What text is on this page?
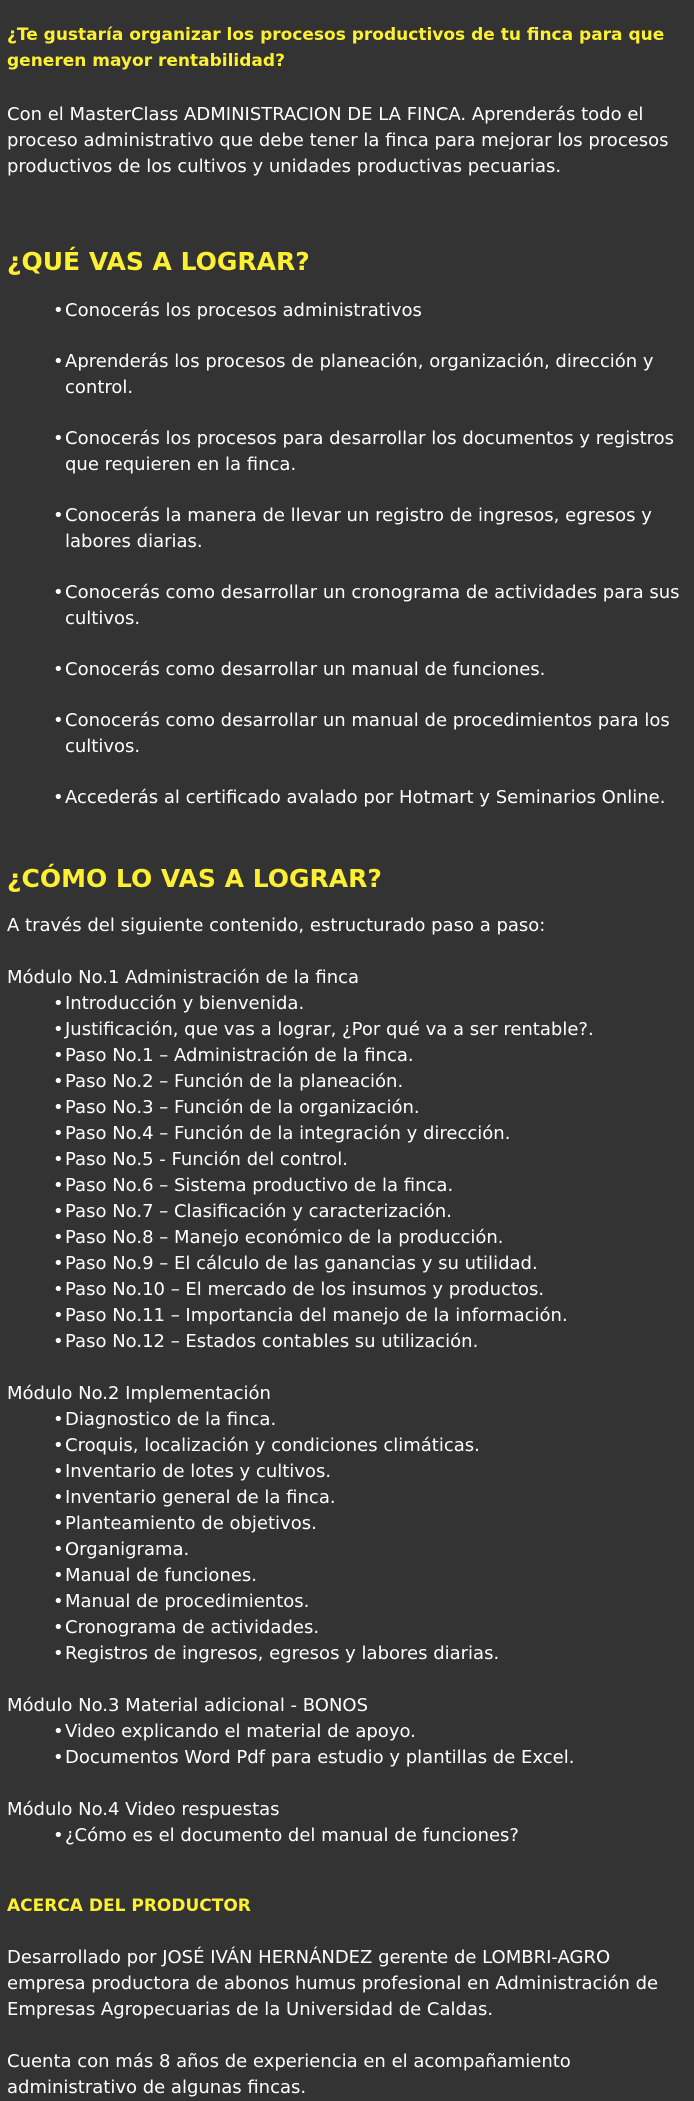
¿Te gustaría organizar los procesos productivos de tu finca para que generen mayor rentabilidad?

Con el MasterClass ADMINISTRACION DE LA FINCA. Aprenderás todo el proceso administrativo que debe tener la finca para mejorar los procesos productivos de los cultivos y unidades productivas pecuarias.

¿QUÉ VAS A LOGRAR?
• Conocerás los procesos administrativos
• Aprenderás los procesos de planeación, organización, dirección y control.
• Conocerás los procesos para desarrollar los documentos y registros que requieren en la finca.
• Conocerás la manera de llevar un registro de ingresos, egresos y labores diarias.
• Conocerás como desarrollar un cronograma de actividades para sus cultivos.
• Conocerás como desarrollar un manual de funciones.
• Conocerás como desarrollar un manual de procedimientos para los cultivos.
• Accederás al certificado avalado por Hotmart y Seminarios Online.
¿CÓMO LO VAS A LOGRAR?

A través del siguiente contenido, estructurado paso a paso:

Módulo No.1 Administración de la finca

• Introducción y bienvenida.
• Justificación, que vas a lograr, ¿Por qué va a ser rentable?.
• Paso No.1 – Administración de la finca.
• Paso No.2 – Función de la planeación.
• Paso No.3 – Función de la organización.
• Paso No.4 – Función de la integración y dirección.
• Paso No.5 - Función del control.
• Paso No.6 – Sistema productivo de la finca.
• Paso No.7 – Clasificación y caracterización.
• Paso No.8 – Manejo económico de la producción.
• Paso No.9 – El cálculo de las ganancias y su utilidad.
• Paso No.10 – El mercado de los insumos y productos.
• Paso No.11 – Importancia del manejo de la información.
• Paso No.12 – Estados contables su utilización.

Módulo No.2 Implementación

• Diagnostico de la finca.
• Croquis, localización y condiciones climáticas.
• Inventario de lotes y cultivos.
• Inventario general de la finca.
• Planteamiento de objetivos.
• Organigrama.
• Manual de funciones.
• Manual de procedimientos.
• Cronograma de actividades.
• Registros de ingresos, egresos y labores diarias.

Módulo No.3 Material adicional - BONOS

• Video explicando el material de apoyo.
• Documentos Word Pdf para estudio y plantillas de Excel.

Módulo No.4 Video respuestas

• ¿Cómo es el documento del manual de funciones?

ACERCA DEL PRODUCTOR

Desarrollado por JOSÉ IVÁN HERNÁNDEZ gerente de LOMBRI-AGRO empresa productora de abonos humus profesional en Administración de Empresas Agropecuarias de la Universidad de Caldas.

Cuenta con más 8 años de experiencia en el acompañamiento administrativo de algunas fincas.
